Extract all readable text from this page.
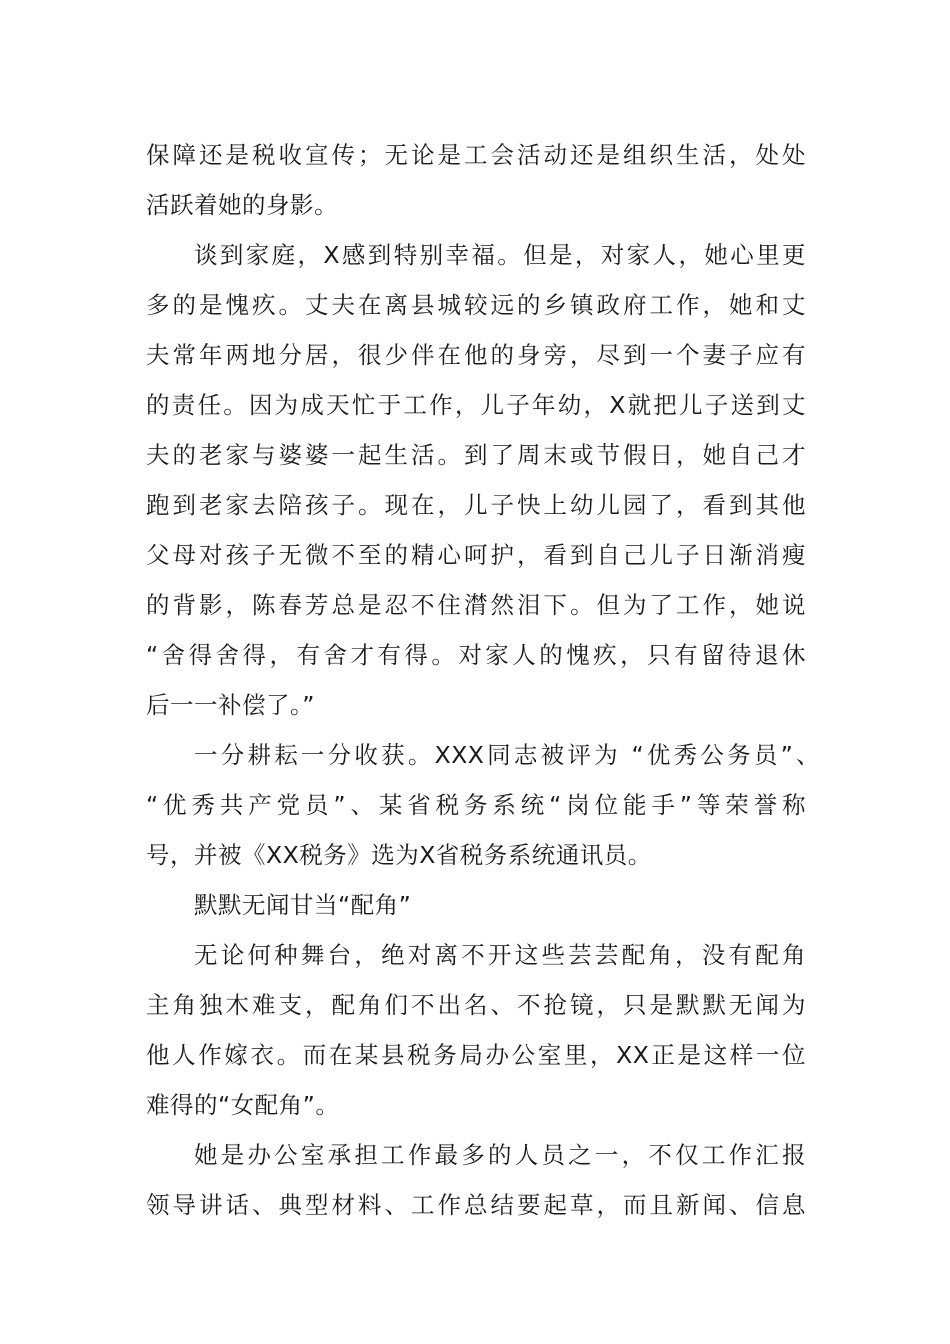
保障还是税收宣传；无论是工会活动还是组织生活，处处
活跃着她的身影。
谈到家庭，X感到特别幸福。但是，对家人，她心里更
多的是愧疚。丈夫在离县城较远的乡镇政府工作，她和丈
夫常年两地分居，很少伴在他的身旁，尽到一个妻子应有
的责任。因为成天忙于工作，儿子年幼，X就把儿子送到丈
夫的老家与婆婆一起生活。到了周末或节假日，她自己才
跑到老家去陪孩子。现在，儿子快上幼儿园了，看到其他
父母对孩子无微不至的精心呵护，看到自己儿子日渐消瘦
的背影，陈春芳总是忍不住潸然泪下。但为了工作，她说
“舍得舍得，有舍才有得。对家人的愧疚，只有留待退休
后一一补偿了。”
一分耕耘一分收获。XXX同志被评为 “优秀公务员”、
“优秀共产党员”、某省税务系统“岗位能手”等荣誉称
号，并被《XX税务》选为X省税务系统通讯员。
默默无闻甘当“配角”
无论何种舞台，绝对离不开这些芸芸配角，没有配角
主角独木难支，配角们不出名、不抢镜，只是默默无闻为
他人作嫁衣。而在某县税务局办公室里，XX正是这样一位
难得的“女配角”。
她是办公室承担工作最多的人员之一，不仅工作汇报
领导讲话、典型材料、工作总结要起草，而且新闻、信息
